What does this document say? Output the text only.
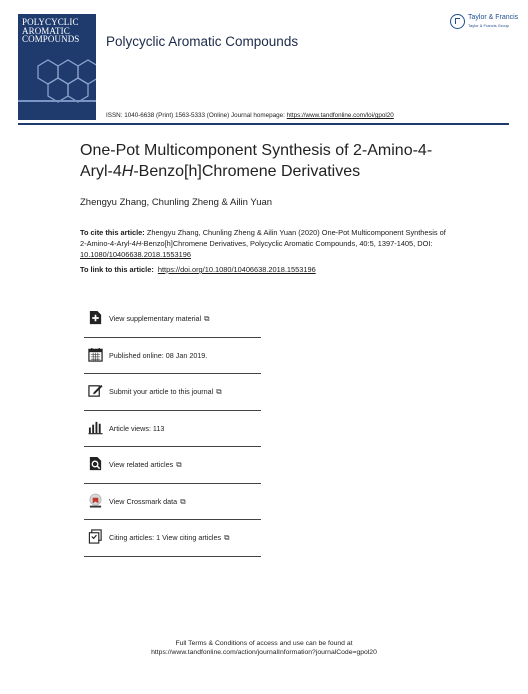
POLYCYCLIC
AROMATIC
COMPOUNDS	Polycyclic Aromatic Compounds
Taylor & Francis
Taylor & Francis Group
ISSN: 1040-6638 (Print) 1563-5333 (Online) Journal homepage: https://www.tandfonline.com/loi/gpol20
One-Pot Multicomponent Synthesis of 2-Amino-4-Aryl-4H-Benzo[h]Chromene Derivatives
Zhengyu Zhang, Chunling Zheng & Ailin Yuan
To cite this article: Zhengyu Zhang, Chunling Zheng & Ailin Yuan (2020) One-Pot Multicomponent Synthesis of 2-Amino-4-Aryl-4H-Benzo[h]Chromene Derivatives, Polycyclic Aromatic Compounds, 40:5, 1397-1405, DOI: 10.1080/10406638.2018.1553196
To link to this article: https://doi.org/10.1080/10406638.2018.1553196
View supplementary material ⧉
Published online: 08 Jan 2019.
Submit your article to this journal ⧉
Article views: 113
View related articles ⧉
View Crossmark data ⧉
Citing articles: 1 View citing articles ⧉
Full Terms & Conditions of access and use can be found at
https://www.tandfonline.com/action/journalInformation?journalCode=gpol20
